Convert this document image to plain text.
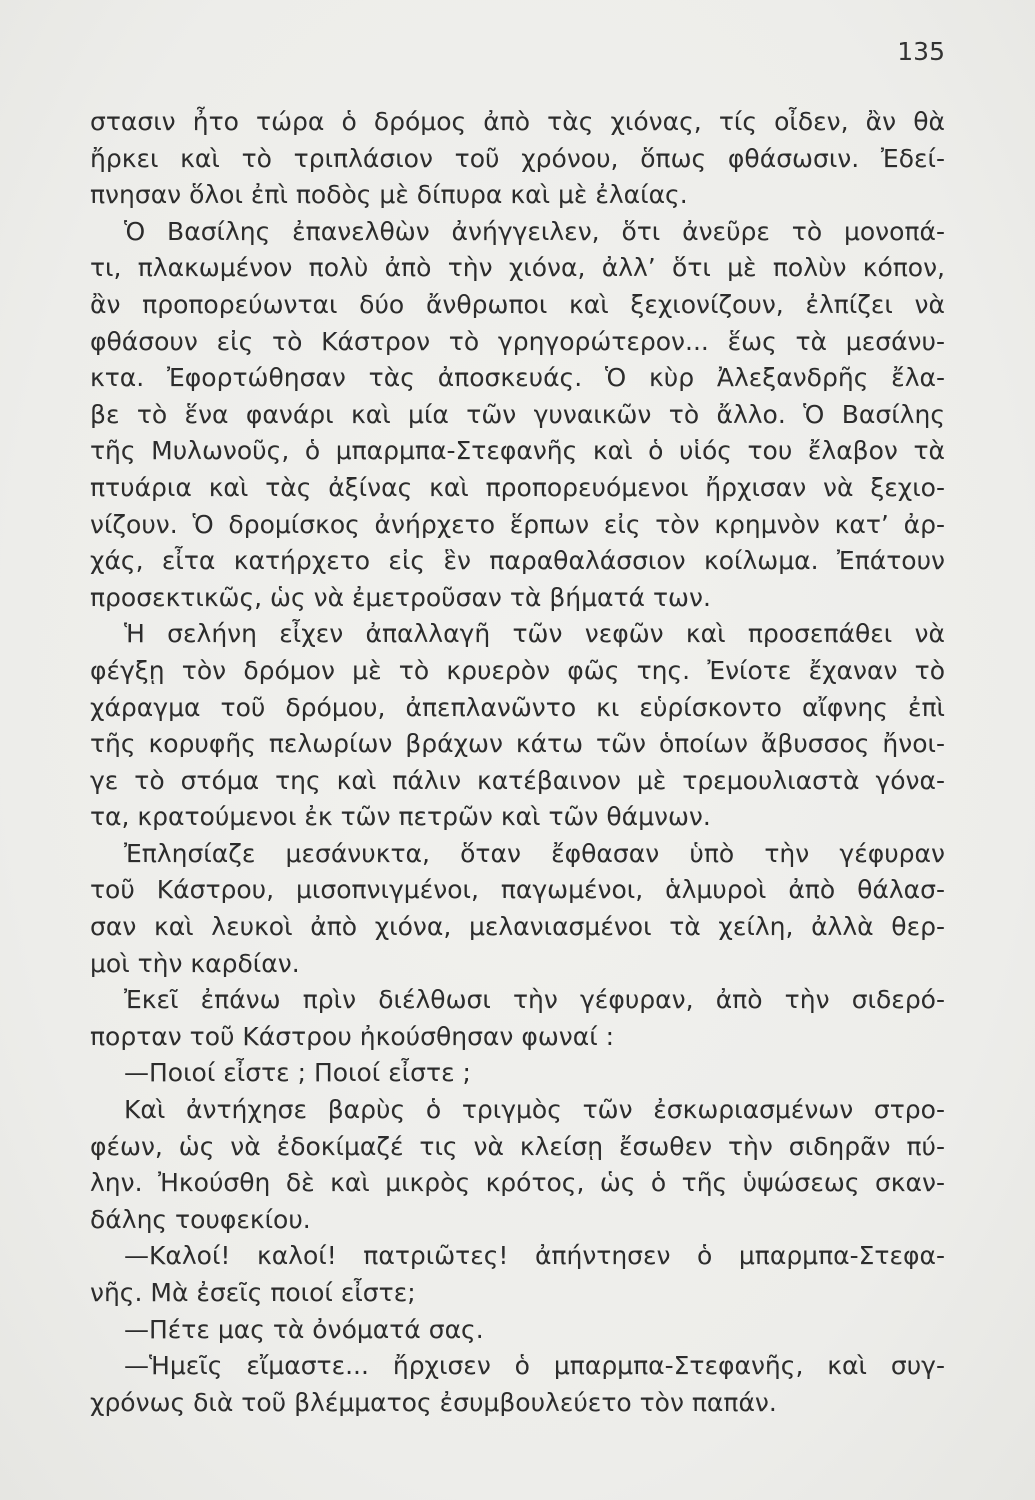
135
στασιν ἦτο τώρα ὁ δρόμος ἀπὸ τὰς χιόνας, τίς οἶδεν, ἂν θὰ
ἤρκει καὶ τὸ τριπλάσιον τοῦ χρόνου, ὅπως φθάσωσιν. Ἐδεί-
πνησαν ὅλοι ἐπὶ ποδὸς μὲ δίπυρα καὶ μὲ ἐλαίας.
Ὁ Βασίλης ἐπανελθὼν ἀνήγγειλεν, ὅτι ἀνεῦρε τὸ μονοπά-
τι, πλακωμένον πολὺ ἀπὸ τὴν χιόνα, ἀλλ’ ὅτι μὲ πολὺν κόπον,
ἂν προπορεύωνται δύο ἄνθρωποι καὶ ξεχιονίζουν, ἐλπίζει νὰ
φθάσουν εἰς τὸ Κάστρον τὸ γρηγορώτερον... ἕως τὰ μεσάνυ-
κτα. Ἐφορτώθησαν τὰς ἀποσκευάς. Ὁ κὺρ Ἀλεξανδρῆς ἔλα-
βε τὸ ἕνα φανάρι καὶ μία τῶν γυναικῶν τὸ ἄλλο. Ὁ Βασίλης
τῆς Μυλωνοῦς, ὁ μπαρμπα-Στεφανῆς καὶ ὁ υἱός του ἔλαβον τὰ
πτυάρια καὶ τὰς ἀξίνας καὶ προπορευόμενοι ἤρχισαν νὰ ξεχιο-
νίζουν. Ὁ δρομίσκος ἀνήρχετο ἕρπων εἰς τὸν κρημνὸν κατ’ ἀρ-
χάς, εἶτα κατήρχετο εἰς ἓν παραθαλάσσιον κοίλωμα. Ἐπάτουν
προσεκτικῶς, ὡς νὰ ἐμετροῦσαν τὰ βήματά των.
Ἡ σελήνη εἶχεν ἀπαλλαγῆ τῶν νεφῶν καὶ προσεπάθει νὰ
φέγξῃ τὸν δρόμον μὲ τὸ κρυερὸν φῶς της. Ἐνίοτε ἔχαναν τὸ
χάραγμα τοῦ δρόμου, ἀπεπλανῶντο κι εὑρίσκοντο αἴφνης ἐπὶ
τῆς κορυφῆς πελωρίων βράχων κάτω τῶν ὁποίων ἄβυσσος ἤνοι-
γε τὸ στόμα της καὶ πάλιν κατέβαινον μὲ τρεμουλιαστὰ γόνα-
τα, κρατούμενοι ἐκ τῶν πετρῶν καὶ τῶν θάμνων.
Ἐπλησίαζε μεσάνυκτα, ὅταν ἔφθασαν ὑπὸ τὴν γέφυραν
τοῦ Κάστρου, μισοπνιγμένοι, παγωμένοι, ἁλμυροὶ ἀπὸ θάλασ-
σαν καὶ λευκοὶ ἀπὸ χιόνα, μελανιασμένοι τὰ χείλη, ἀλλὰ θερ-
μοὶ τὴν καρδίαν.
Ἐκεῖ ἐπάνω πρὶν διέλθωσι τὴν γέφυραν, ἀπὸ τὴν σιδερό-
πορταν τοῦ Κάστρου ἠκούσθησαν φωναί :
—Ποιοί εἶστε ; Ποιοί εἶστε ;
Καὶ ἀντήχησε βαρὺς ὁ τριγμὸς τῶν ἐσκωριασμένων στρο-
φέων, ὡς νὰ ἐδοκίμαζέ τις νὰ κλείσῃ ἔσωθεν τὴν σιδηρᾶν πύ-
λην. Ἠκούσθη δὲ καὶ μικρὸς κρότος, ὡς ὁ τῆς ὑψώσεως σκαν-
δάλης τουφεκίου.
—Καλοί! καλοί! πατριῶτες! ἀπήντησεν ὁ μπαρμπα-Στεφα-
νῆς. Μὰ ἐσεῖς ποιοί εἶστε;
—Πέτε μας τὰ ὀνόματά σας.
—Ἡμεῖς εἴμαστε... ἤρχισεν ὁ μπαρμπα-Στεφανῆς, καὶ συγ-
χρόνως διὰ τοῦ βλέμματος ἐσυμβουλεύετο τὸν παπάν.
